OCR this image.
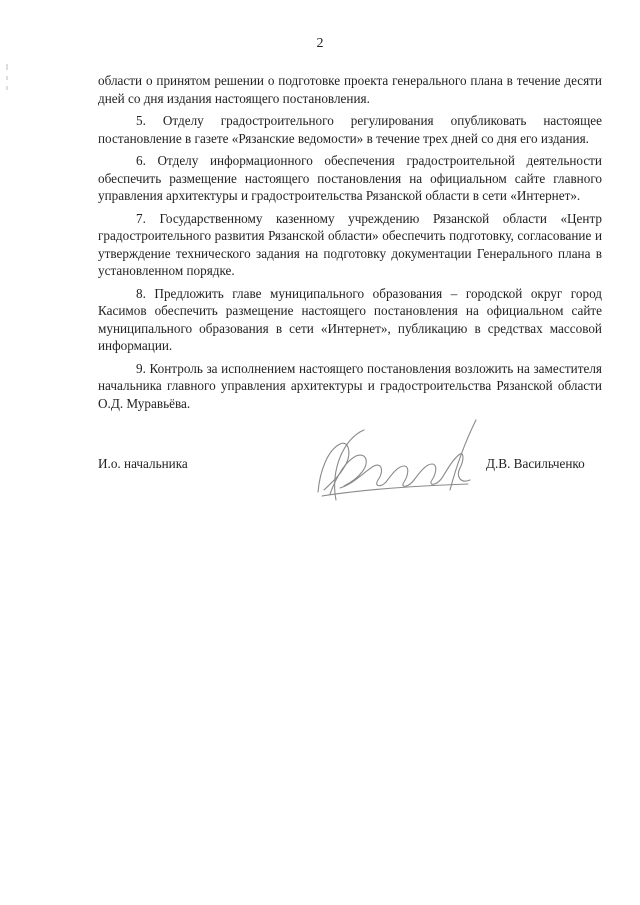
2

области о принятом решении о подготовке проекта генерального плана в течение десяти дней со дня издания настоящего постановления.

5. Отделу градостроительного регулирования опубликовать настоящее постановление в газете «Рязанские ведомости» в течение трех дней со дня его издания.

6. Отделу информационного обеспечения градостроительной деятельности обеспечить размещение настоящего постановления на официальном сайте главного управления архитектуры и градостроительства Рязанской области в сети «Интернет».

7. Государственному казенному учреждению Рязанской области «Центр градостроительного развития Рязанской области» обеспечить подготовку, согласование и утверждение технического задания на подготовку документации Генерального плана в установленном порядке.

8. Предложить главе муниципального образования – городской округ город Касимов обеспечить размещение настоящего постановления на официальном сайте муниципального образования в сети «Интернет», публикацию в средствах массовой информации.

9. Контроль за исполнением настоящего постановления возложить на заместителя начальника главного управления архитектуры и градостроительства Рязанской области О.Д. Муравьёва.

И.о. начальника	Д.В. Васильченко
